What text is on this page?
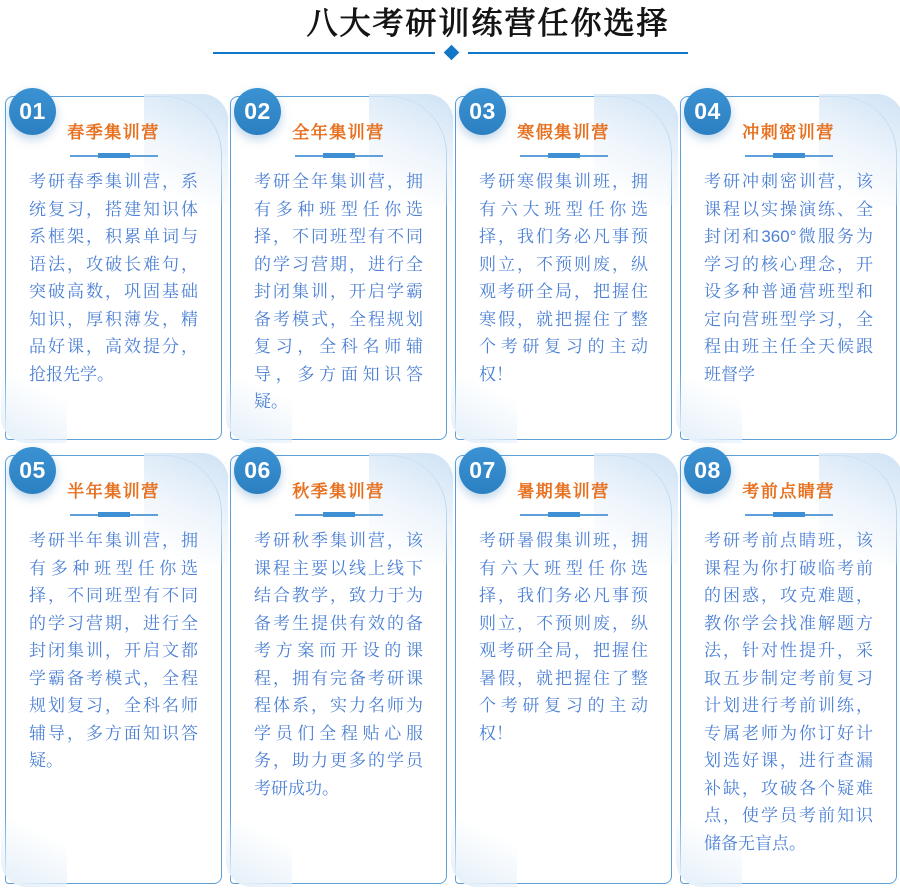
八大考研训练营任你选择
01
春季集训营

考研春季集训营，系统复习，搭建知识体系框架，积累单词与语法，攻破长难句，突破高数，巩固基础知识，厚积薄发，精品好课，高效提分，抢报先学。

02
全年集训营

考研全年集训营，拥有多种班型任你选择，不同班型有不同的学习营期，进行全封闭集训，开启学霸备考模式，全程规划复习，全科名师辅导，多方面知识答疑。

03
寒假集训营

考研寒假集训班，拥有六大班型任你选择，我们务必凡事预则立，不预则废，纵观考研全局，把握住寒假，就把握住了整个考研复习的主动权！

04
冲刺密训营

考研冲刺密训营，该课程以实操演练、全封闭和360°微服务为学习的核心理念，开设多种普通营班型和定向营班型学习，全程由班主任全天候跟班督学

05
半年集训营

考研半年集训营，拥有多种班型任你选择，不同班型有不同的学习营期，进行全封闭集训，开启文都学霸备考模式，全程规划复习，全科名师辅导，多方面知识答疑。

06
秋季集训营

考研秋季集训营，该课程主要以线上线下结合教学，致力于为备考生提供有效的备考方案而开设的课程，拥有完备考研课程体系，实力名师为学员们全程贴心服务，助力更多的学员考研成功。

07
暑期集训营

考研暑假集训班，拥有六大班型任你选择，我们务必凡事预则立，不预则废，纵观考研全局，把握住暑假，就把握住了整个考研复习的主动权！

08
考前点睛营

考研考前点睛班，该课程为你打破临考前的困惑，攻克难题，教你学会找准解题方法，针对性提升，采取五步制定考前复习计划进行考前训练，专属老师为你订好计划选好课，进行查漏补缺，攻破各个疑难点，使学员考前知识储备无盲点。
